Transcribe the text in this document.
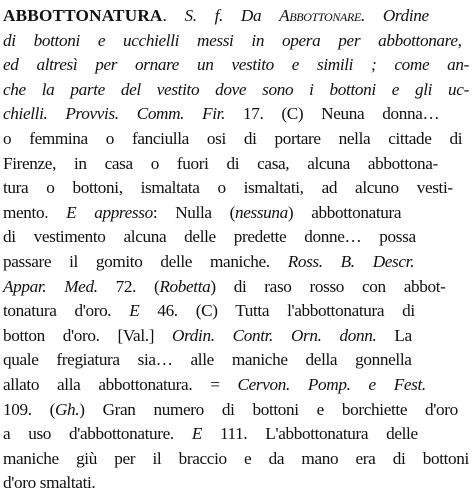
ABBOTTONATURA. S. f. Da Abbottonare. Ordine
di bottoni e ucchielli messi in opera per abbottonare,
ed altresì per ornare un vestito e simili ; come an-
che la parte del vestito dove sono i bottoni e gli uc-
chielli. Provvis. Comm. Fir. 17. (C) Neuna donna…
o femmina o fanciulla osi di portare nella cittade di
Firenze, in casa o fuori di casa, alcuna abbottona-
tura o bottoni, ismaltata o ismaltati, ad alcuno vesti-
mento. E appresso: Nulla (nessuna) abbottonatura
di vestimento alcuna delle predette donne… possa
passare il gomito delle maniche. Ross. B. Descr.
Appar. Med. 72. (Robetta) di raso rosso con abbot-
tonatura d'oro. E 46. (C) Tutta l'abbottonatura di
botton d'oro. [Val.] Ordin. Contr. Orn. donn. La
quale fregiatura sia… alle maniche della gonnella
allato alla abbottonatura. = Cervon. Pomp. e Fest.
109. (Gh.) Gran numero di bottoni e borchiette d'oro
a uso d'abbottonature. E 111. L'abbottonatura delle
maniche giù per il braccio e da mano era di bottoni
d'oro smaltati.
